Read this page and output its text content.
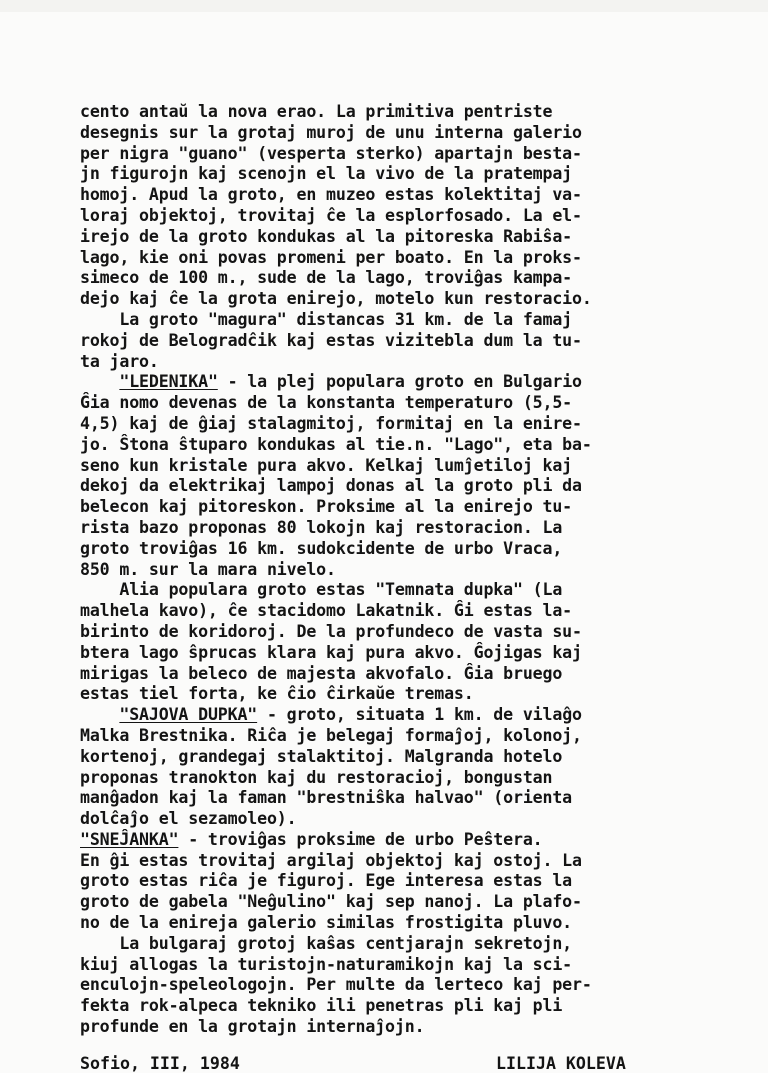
cento antaŭ la nova erao. La primitiva pentriste
desegnis sur la grotaj muroj de unu interna galerio
per nigra "guano" (vesperta sterko) apartajn besta-
jn figurojn kaj scenojn el la vivo de la pratempaj
homoj. Apud la groto, en muzeo estas kolektitaj va-
loraj objektoj, trovitaj ĉe la esplorfosado. La el-
irejo de la groto kondukas al la pitoreska Rabiŝa-
lago, kie oni povas promeni per boato. En la proks-
simeco de 100 m., sude de la lago, troviĝas kampa-
dejo kaj ĉe la grota enirejo, motelo kun restoracio.
La groto "magura" distancas 31 km. de la famaj
rokoj de Belogradĉik kaj estas vizitebla dum la tu-
ta jaro.
"LEDENIKA" - la plej populara groto en Bulgario
Ĝia nomo devenas de la konstanta temperaturo (5,5-
4,5) kaj de ĝiaj stalagmitoj, formitaj en la enire-
jo. Ŝtona ŝtuparo kondukas al tie.n. "Lago", eta ba-
seno kun kristale pura akvo. Kelkaj lumĵetiloj kaj
dekoj da elektrikaj lampoj donas al la groto pli da
belecon kaj pitoreskon. Proksime al la enirejo tu-
rista bazo proponas 80 lokojn kaj restoracion. La
groto troviĝas 16 km. sudokcidente de urbo Vraca,
850 m. sur la mara nivelo.
Alia populara groto estas "Temnata dupka" (La
malhela kavo), ĉe stacidomo Lakatnik. Ĝi estas la-
birinto de koridoroj. De la profundeco de vasta su-
btera lago ŝprucas klara kaj pura akvo. Ĝojigas kaj
mirigas la beleco de majesta akvofalo. Ĝia bruego
estas tiel forta, ke ĉio ĉirkaŭe tremas.
"SAJOVA DUPKA" - groto, situata 1 km. de vilaĝo
Malka Brestnika. Riĉa je belegaj formaĵoj, kolonoj,
kortenoj, grandegaj stalaktitoj. Malgranda hotelo
proponas tranokton kaj du restoracioj, bongustan
manĝadon kaj la faman "brestniŝka halvao" (orienta
dolĉaĵo el sezamoleo).
"SNEĴANKA" - troviĝas proksime de urbo Peŝtera.
En ĝi estas trovitaj argilaj objektoj kaj ostoj. La
groto estas riĉa je figuroj. Ege interesa estas la
groto de gabela "Neĝulino" kaj sep nanoj. La plafo-
no de la enireja galerio similas frostigita pluvo.
La bulgaraj grotoj kaŝas centjarajn sekretojn,
kiuj allogas la turistojn-naturamikojn kaj la sci-
enculojn-speleologojn. Per multe da lerteco kaj per-
fekta rok-alpeca tekniko ili penetras pli kaj pli
profunde en la grotajn internaĵojn.
Sofio, III, 1984	LILIJA KOLEVA
